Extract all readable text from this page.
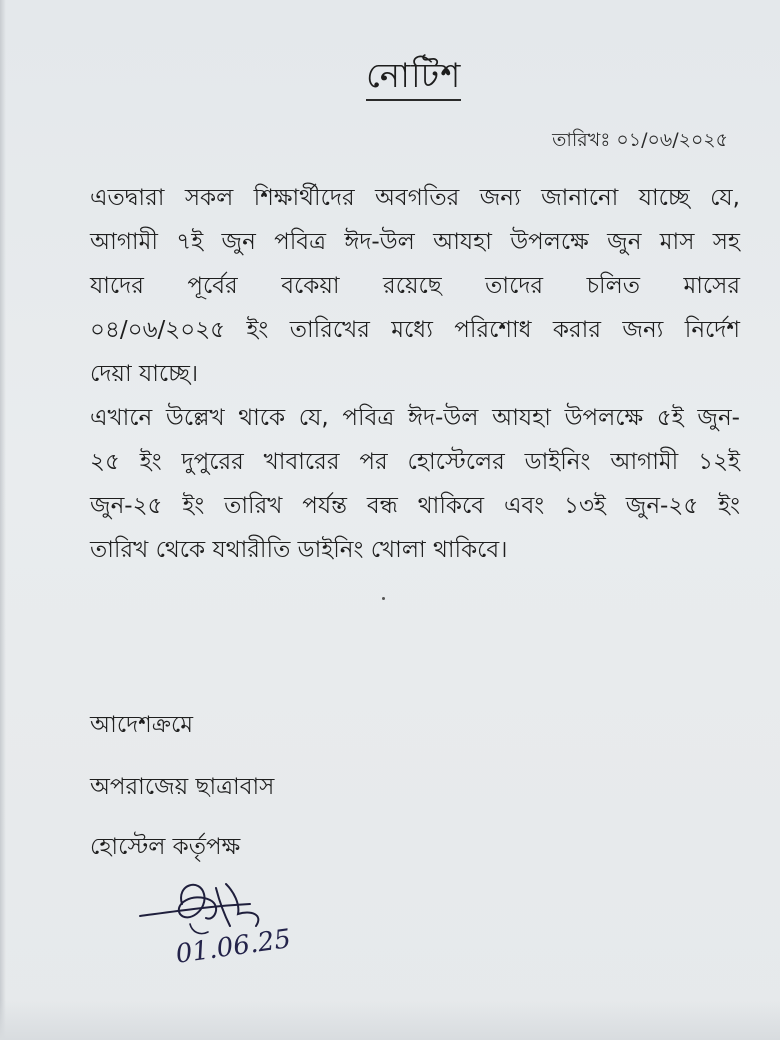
নোটিশ
তারিখঃ ০১/০৬/২০২৫
এতদ্বারা সকল শিক্ষার্থীদের অবগতির জন্য জানানো যাচ্ছে যে,
আগামী ৭ই জুন পবিত্র ঈদ-উল আযহা উপলক্ষে জুন মাস সহ
যাদের পূর্বের বকেয়া রয়েছে তাদের চলিত মাসের
০৪/০৬/২০২৫ ইং তারিখের মধ্যে পরিশোধ করার জন্য নির্দেশ
দেয়া যাচ্ছে।
এখানে উল্লেখ থাকে যে, পবিত্র ঈদ-উল আযহা উপলক্ষে ৫ই জুন-
২৫ ইং দুপুরের খাবারের পর হোস্টেলের ডাইনিং আগামী ১২ই
জুন-২৫ ইং তারিখ পর্যন্ত বন্ধ থাকিবে এবং ১৩ই জুন-২৫ ইং
তারিখ থেকে যথারীতি ডাইনিং খোলা থাকিবে।
আদেশক্রমে
অপরাজেয় ছাত্রাবাস
হোস্টেল কর্তৃপক্ষ
01.06.25
